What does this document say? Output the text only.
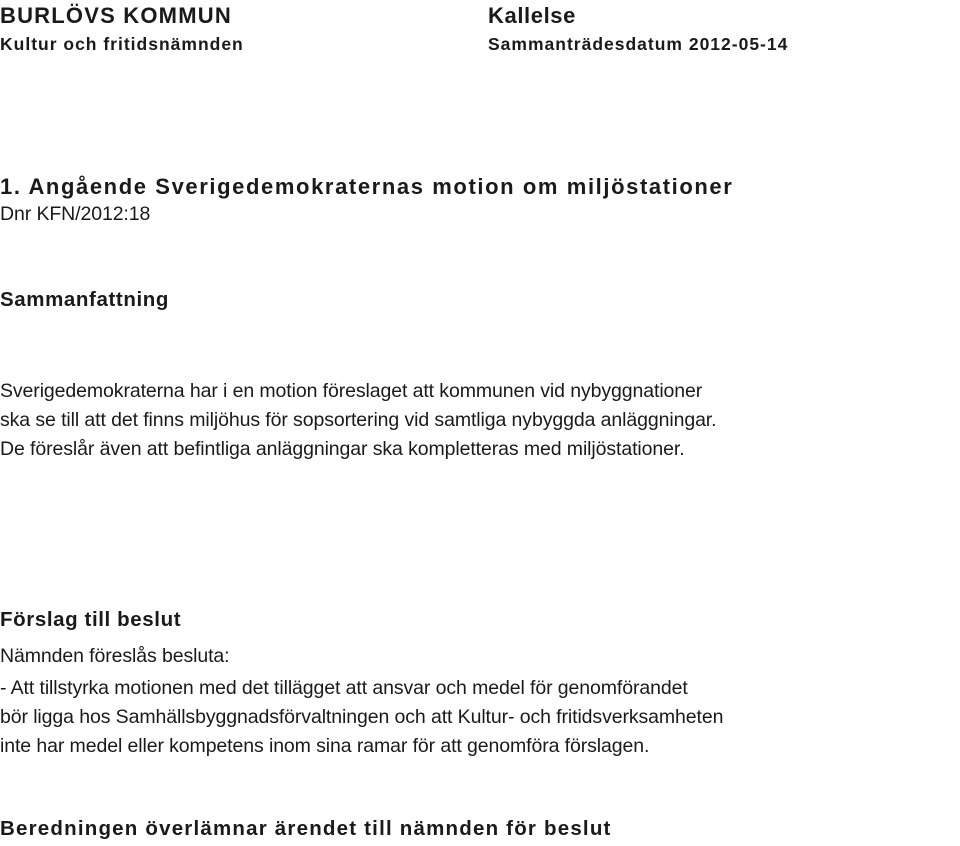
BURLÖVS KOMMUN
Kultur och fritidsnämnden
Kallelse
Sammanträdesdatum 2012-05-14
1. Angående Sverigedemokraternas motion om miljöstationer
Dnr KFN/2012:18
Sammanfattning
Sverigedemokraterna har i en motion föreslaget att kommunen vid nybyggnationer
ska se till att det finns miljöhus för sopsortering vid samtliga nybyggda anläggningar.
De föreslår även att befintliga anläggningar ska kompletteras med miljöstationer.
Förslag till beslut
Nämnden föreslås besluta:
- Att tillstyrka motionen med det tillägget att ansvar och medel för genomförandet
bör ligga hos Samhällsbyggnadsförvaltningen och att Kultur- och fritidsverksamheten
inte har medel eller kompetens inom sina ramar för att genomföra förslagen.
Beredningen överlämnar ärendet till nämnden för beslut
